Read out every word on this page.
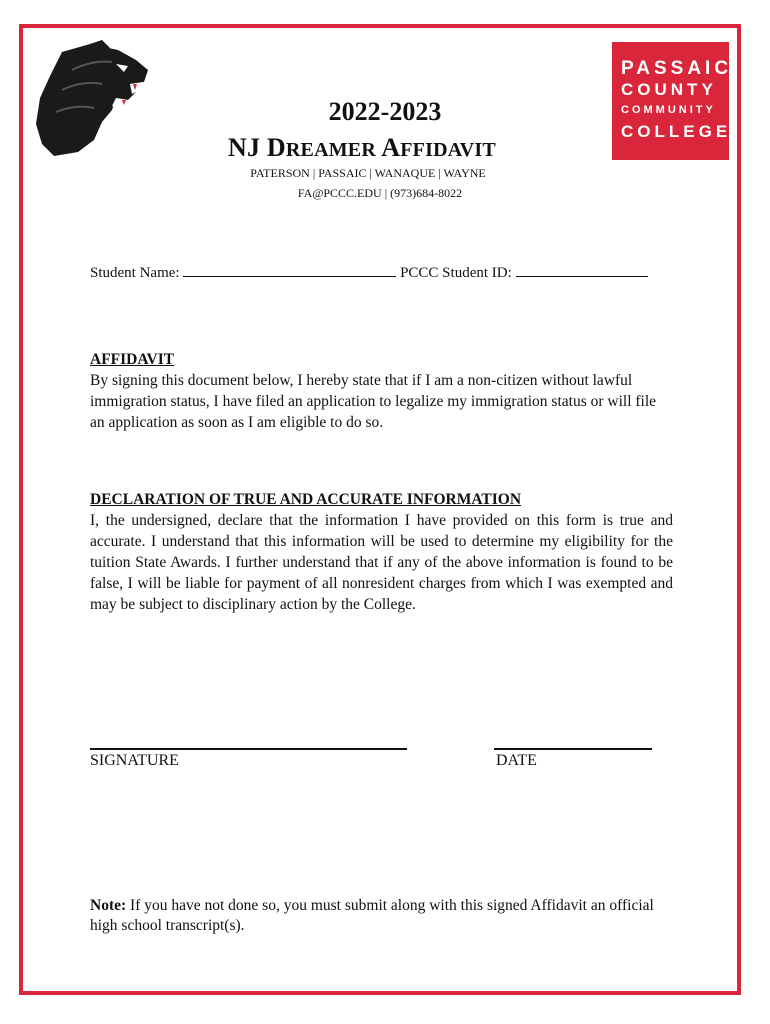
PASSAIC
COUNTY
COMMUNITY
COLLEGE
2022-2023
NJ DREAMER AFFIDAVIT
PATERSON | PASSAIC | WANAQUE | WAYNE
FA@PCCC.EDU | (973)684-8022
Student Name:	PCCC Student ID:
AFFIDAVIT
By signing this document below, I hereby state that if I am a non-citizen without lawful immigration status, I have filed an application to legalize my immigration status or will file an application as soon as I am eligible to do so.
DECLARATION OF TRUE AND ACCURATE INFORMATION
I, the undersigned, declare that the information I have provided on this form is true and accurate. I understand that this information will be used to determine my eligibility for the tuition State Awards. I further understand that if any of the above information is found to be false, I will be liable for payment of all nonresident charges from which I was exempted and may be subject to disciplinary action by the College.
SIGNATURE	DATE
Note: If you have not done so, you must submit along with this signed Affidavit an official high school transcript(s).
